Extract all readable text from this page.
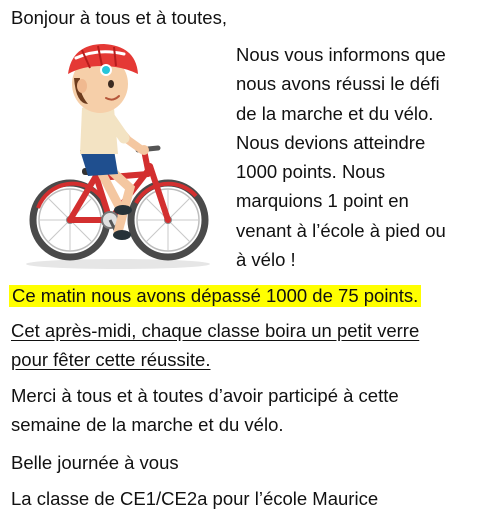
Bonjour à tous et à toutes,

Nous vous informons que
nous avons réussi le défi
de la marche et du vélo.
Nous devions atteindre
1000 points. Nous
marquions 1 point en
venant à l’école à pied ou
à vélo !

Ce matin nous avons dépassé 1000 de 75 points.

Cet après-midi, chaque classe boira un petit verre
pour fêter cette réussite.
Merci à tous et à toutes d’avoir participé à cette
semaine de la marche et du vélo.

Belle journée à vous

La classe de CE1/CE2a pour l’école Maurice
